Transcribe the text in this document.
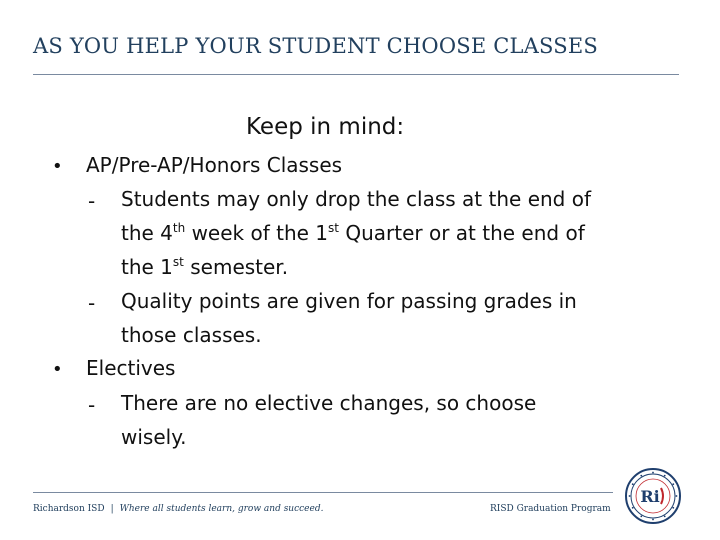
AS YOU HELP YOUR STUDENT CHOOSE CLASSES
Keep in mind:
• AP/Pre-AP/Honors Classes
- Students may only drop the class at the end of
the 4th week of the 1st Quarter or at the end of
the 1st semester.
- Quality points are given for passing grades in
those classes.
• Electives
- There are no elective changes, so choose
wisely.
Richardson ISD | Where all students learn, grow and succeed.	RISD Graduation Program
Ri
